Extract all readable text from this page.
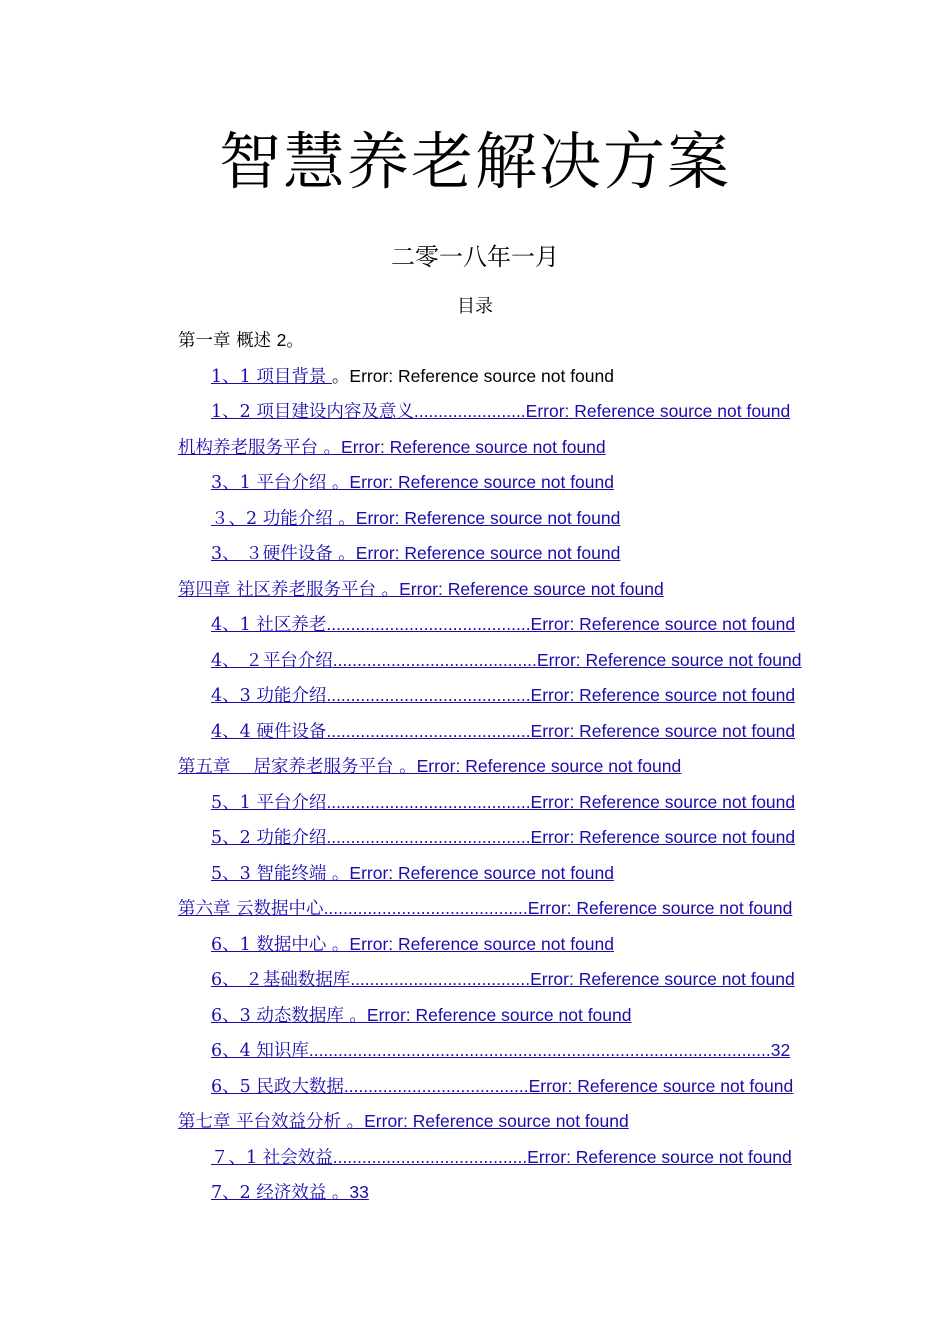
智慧养老解决方案
二零一八年一月
目录
第一章 概述 2。
1、1 项目背景 。Error: Reference source not found
1、2 项目建设内容及意义.......................Error: Reference source not found
机构养老服务平台 。Error: Reference source not found
3、1 平台介绍 。Error: Reference source not found
３、2 功能介绍 。Error: Reference source not found
3、 ３硬件设备 。Error: Reference source not found
第四章 社区养老服务平台 。Error: Reference source not found
4、1 社区养老..........................................Error: Reference source not found
4、 ２平台介绍..........................................Error: Reference source not found
4、3 功能介绍..........................................Error: Reference source not found
4、4 硬件设备..........................................Error: Reference source not found
第五章　 居家养老服务平台 。Error: Reference source not found
5、1 平台介绍..........................................Error: Reference source not found
5、2 功能介绍..........................................Error: Reference source not found
5、3 智能终端 。Error: Reference source not found
第六章 云数据中心..........................................Error: Reference source not found
6、1 数据中心 。Error: Reference source not found
6、 ２基础数据库.....................................Error: Reference source not found
6、3 动态数据库 。Error: Reference source not found
6、4 知识库...............................................................................................32
6、5 民政大数据......................................Error: Reference source not found
第七章 平台效益分析 。Error: Reference source not found
７、1 社会效益........................................Error: Reference source not found
7、2 经济效益 。33
